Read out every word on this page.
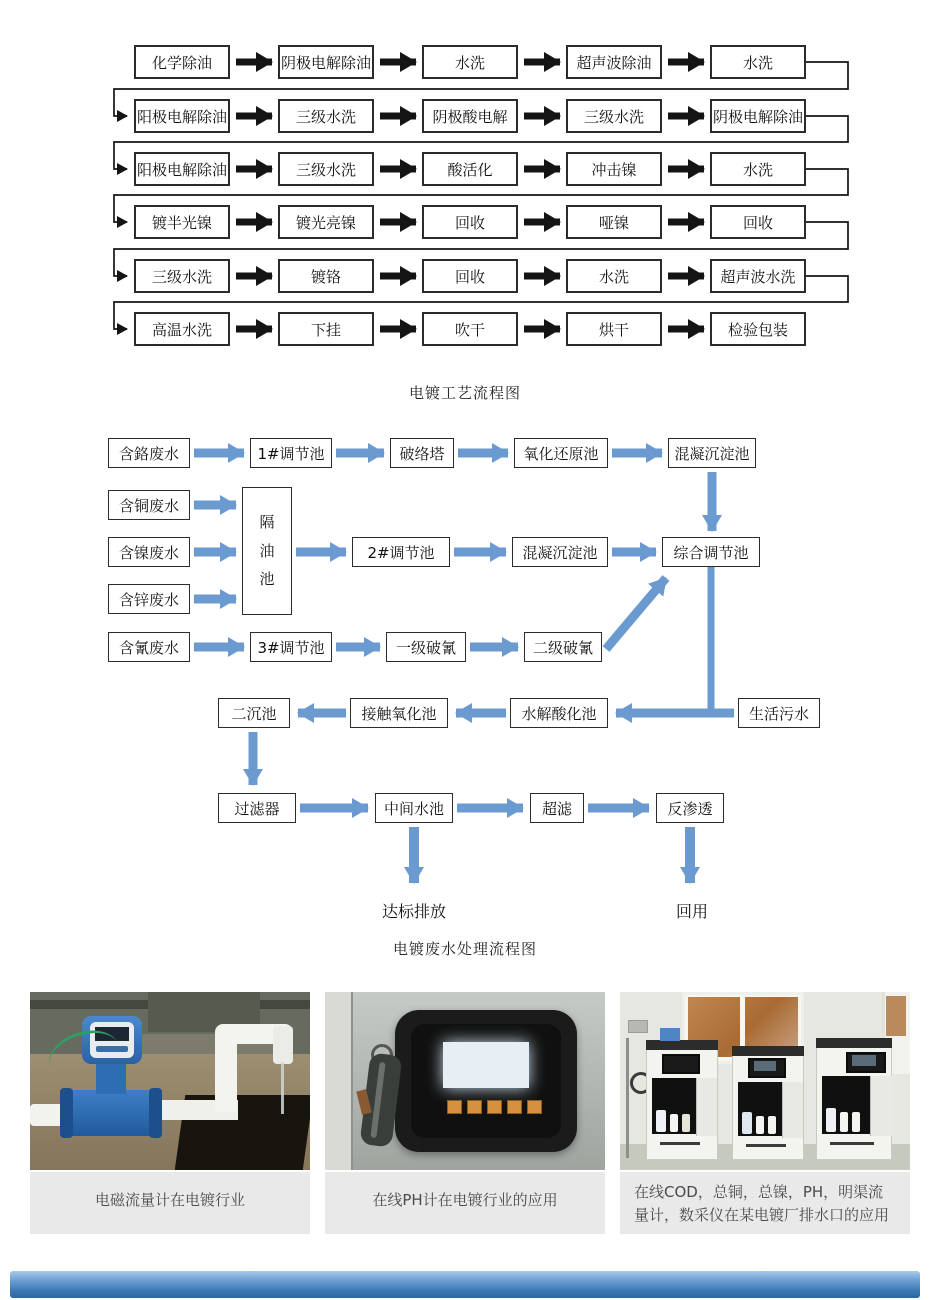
化学除油	阴极电解除油	水洗	超声波除油	水洗
阳极电解除油	三级水洗	阴极酸电解	三级水洗	阴极电解除油
阳极电解除油	三级水洗	酸活化	冲击镍	水洗
镀半光镍	镀光亮镍	回收	哑镍	回收
三级水洗	镀铬	回收	水洗	超声波水洗
高温水洗	下挂	吹干	烘干	检验包装
电镀工艺流程图
含鉻废水	1#调节池	破络塔	氧化还原池	混凝沉淀池
含铜废水
含镍废水
含锌废水
隔油池
2#调节池	混凝沉淀池	综合调节池
含氰废水	3#调节池	一级破氰	二级破氰
二沉池	接触氧化池	水解酸化池	生活污水
过滤器	中间水池	超滤	反渗透
达标排放	回用
电镀废水处理流程图
电磁流量计在电镀行业	在线PH计在电镀行业的应用	在线COD，总铜，总镍，PH，明渠流量计，数采仪在某电镀厂排水口的应用
